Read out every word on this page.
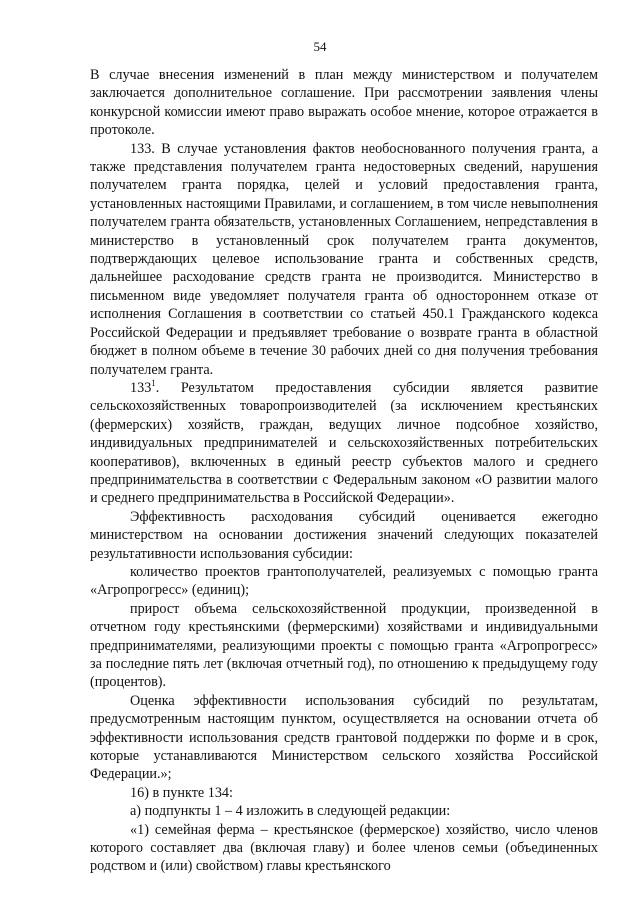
54

В случае внесения изменений в план между министерством и получателем заключается дополнительное соглашение. При рассмотрении заявления члены конкурсной комиссии имеют право выражать особое мнение, которое отражается в протоколе.

133. В случае установления фактов необоснованного получения гранта, а также представления получателем гранта недостоверных сведений, нарушения получателем гранта порядка, целей и условий предоставления гранта, установленных настоящими Правилами, и соглашением, в том числе невыполнения получателем гранта обязательств, установленных Соглашением, непредставления в министерство в установленный срок получателем гранта документов, подтверждающих целевое использование гранта и собственных средств, дальнейшее расходование средств гранта не производится. Министерство в письменном виде уведомляет получателя гранта об одностороннем отказе от исполнения Соглашения в соответствии со статьей 450.1 Гражданского кодекса Российской Федерации и предъявляет требование о возврате гранта в областной бюджет в полном объеме в течение 30 рабочих дней со дня получения требования получателем гранта.

$133^1$. Результатом предоставления субсидии является развитие сельскохозяйственных товаропроизводителей (за исключением крестьянских (фермерских) хозяйств, граждан, ведущих личное подсобное хозяйство, индивидуальных предпринимателей и сельскохозяйственных потребительских кооперативов), включенных в единый реестр субъектов малого и среднего предпринимательства в соответствии с Федеральным законом «О развитии малого и среднего предпринимательства в Российской Федерации».

Эффективность расходования субсидий оценивается ежегодно министерством на основании достижения значений следующих показателей результативности использования субсидии:

количество проектов грантополучателей, реализуемых с помощью гранта «Агропрогресс» (единиц);

прирост объема сельскохозяйственной продукции, произведенной в отчетном году крестьянскими (фермерскими) хозяйствами и индивидуальными предпринимателями, реализующими проекты с помощью гранта «Агропрогресс» за последние пять лет (включая отчетный год), по отношению к предыдущему году (процентов).

Оценка эффективности использования субсидий по результатам, предусмотренным настоящим пунктом, осуществляется на основании отчета об эффективности использования средств грантовой поддержки по форме и в срок, которые устанавливаются Министерством сельского хозяйства Российской Федерации.»;

16) в пункте 134:

а) подпункты 1 – 4 изложить в следующей редакции:

«1) семейная ферма – крестьянское (фермерское) хозяйство, число членов которого составляет два (включая главу) и более членов семьи (объединенных родством и (или) свойством) главы крестьянского
